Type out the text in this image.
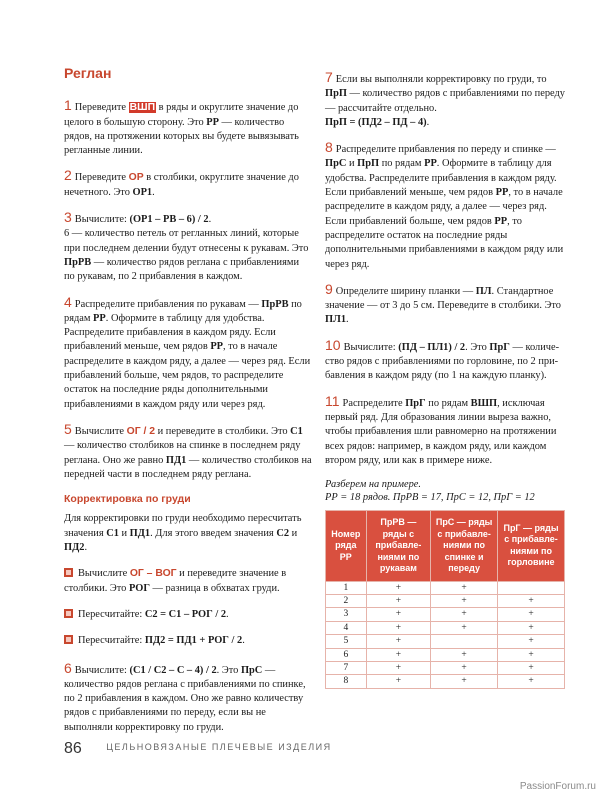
Реглан
1 Переведите ВШП в ряды и округлите значение до целого в большую сторону. Это РР — количество рядов, на протяжении которых вы будете вывязывать регланные линии.
2 Переведите ОР в столбики, округлите значение до нечетного. Это ОР1.
3 Вычислите: (ОР1 – РВ – 6) / 2.
6 — количество петель от регланных линий, которые при последнем делении будут отнесены к рукавам. Это ПрРВ — количество рядов реглана с прибавлениями по рукавам, по 2 прибавления в каждом.
4 Распределите прибавления по рукавам — ПрРВ по рядам РР. Оформите в таблицу для удобства. Распределите прибавления в каждом ряду. Если прибавлений меньше, чем рядов РР, то в начале распределите в каждом ряду, а далее — через ряд. Если прибавлений больше, чем рядов, то распределите остаток на последние ряды дополнительными прибавлениями в каждом ряду или через ряд.
5 Вычислите ОГ / 2 и переведите в столбики. Это С1 — количество столбиков на спинке в последнем ряду реглана. Оно же равно ПД1 — количество столбиков на передней части в последнем ряду реглана.
Корректировка по груди
Для корректировки по груди необходимо пересчитать значения С1 и ПД1. Для этого введем значения С2 и ПД2.
Вычислите ОГ – ВОГ и переведите значение в столбики. Это РОГ — разница в обхватах груди.
Пересчитайте: С2 = С1 – РОГ / 2.
Пересчитайте: ПД2 = ПД1 + РОГ / 2.
6 Вычислите: (С1 / С2 – С – 4) / 2. Это ПрС — количество рядов реглана с прибавлениями по спинке, по 2 прибавления в каждом. Оно же равно количеству рядов с прибавлениями по переду, если вы не выполняли корректировку по груди.
7 Если вы выполняли корректировку по груди, то ПрП — количество рядов с прибавлениями по переду — рассчитайте отдельно.
ПрП = (ПД2 – ПД – 4).
8 Распределите прибавления по переду и спинке — ПрС и ПрП по рядам РР. Оформите в таблицу для удобства. Распределите прибавления в каждом ряду. Если прибавлений меньше, чем рядов РР, то в начале распределите в каждом ряду, а далее — через ряд. Если прибавлений больше, чем рядов РР, то распределите остаток на последние ряды дополнительными прибавлениями в каждом ряду или через ряд.
9 Определите ширину планки — ПЛ. Стандартное значение — от 3 до 5 см. Переведите в столбики. Это ПЛ1.
10 Вычислите: (ПД – ПЛ1) / 2. Это ПрГ — количество рядов с прибавлениями по горловине, по 2 прибавления в каждом ряду (по 1 на каждую планку).
11 Распределите ПрГ по рядам ВШП, исключая первый ряд. Для образования линии выреза важно, чтобы прибавления шли равномерно на протяжении всех рядов: например, в каждом ряду, или каждом втором ряду, или как в примере ниже.
Разберем на примере.
РР = 18 рядов. ПрРВ = 17, ПрС = 12, ПрГ = 12
Номер ряда РР	ПрРВ — ряды с прибавлениями по рукавам	ПрС — ряды с прибавлениями по спинке и переду	ПрГ — ряды с прибавлениями по горловине
1	+	+	
2	+	+	+
3	+	+	+
4	+	+	+
5	+		+
6	+	+	+
7	+	+	+
8	+	+	+
86	ЦЕЛЬНОВЯЗАНЫЕ ПЛЕЧЕВЫЕ ИЗДЕЛИЯ
PassionForum.ru
